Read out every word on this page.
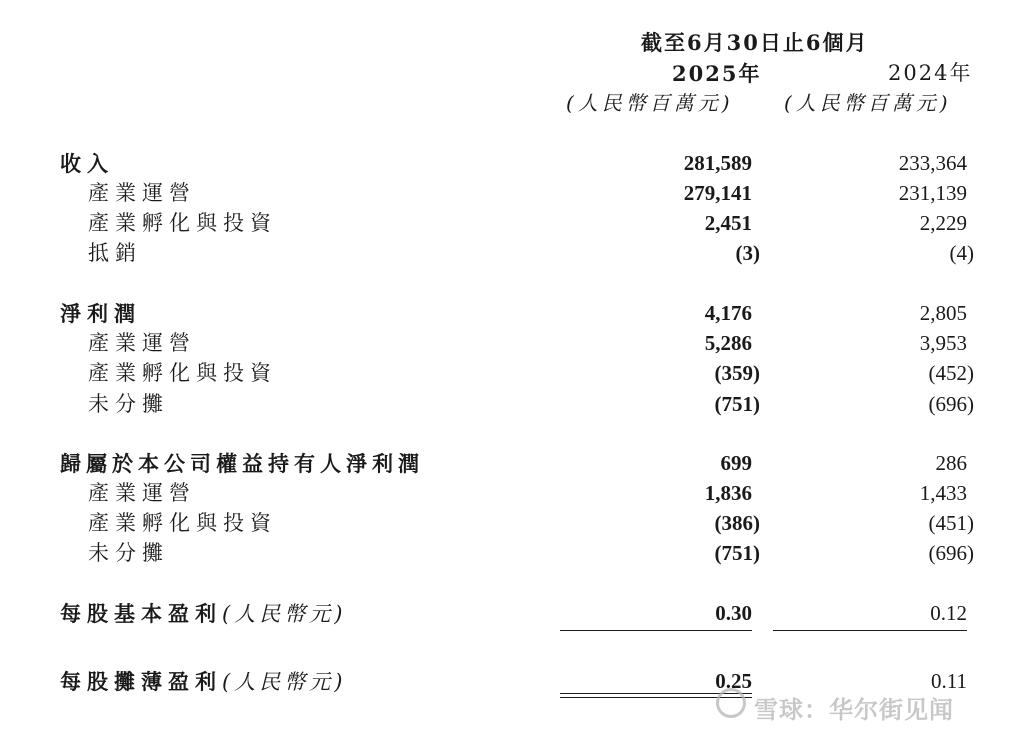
截至6月30日止6個月
2025年	2024年
(人民幣百萬元)	(人民幣百萬元)
收入	281,589	233,364
產業運營	279,141	231,139
產業孵化與投資	2,451	2,229
抵銷	(3)	(4)
淨利潤	4,176	2,805
產業運營	5,286	3,953
產業孵化與投資	(359)	(452)
未分攤	(751)	(696)
歸屬於本公司權益持有人淨利潤	699	286
產業運營	1,836	1,433
產業孵化與投資	(386)	(451)
未分攤	(751)	(696)
每股基本盈利(人民幣元)	0.30	0.12
每股攤薄盈利(人民幣元)	0.25	0.11
雪球：华尔街见闻
